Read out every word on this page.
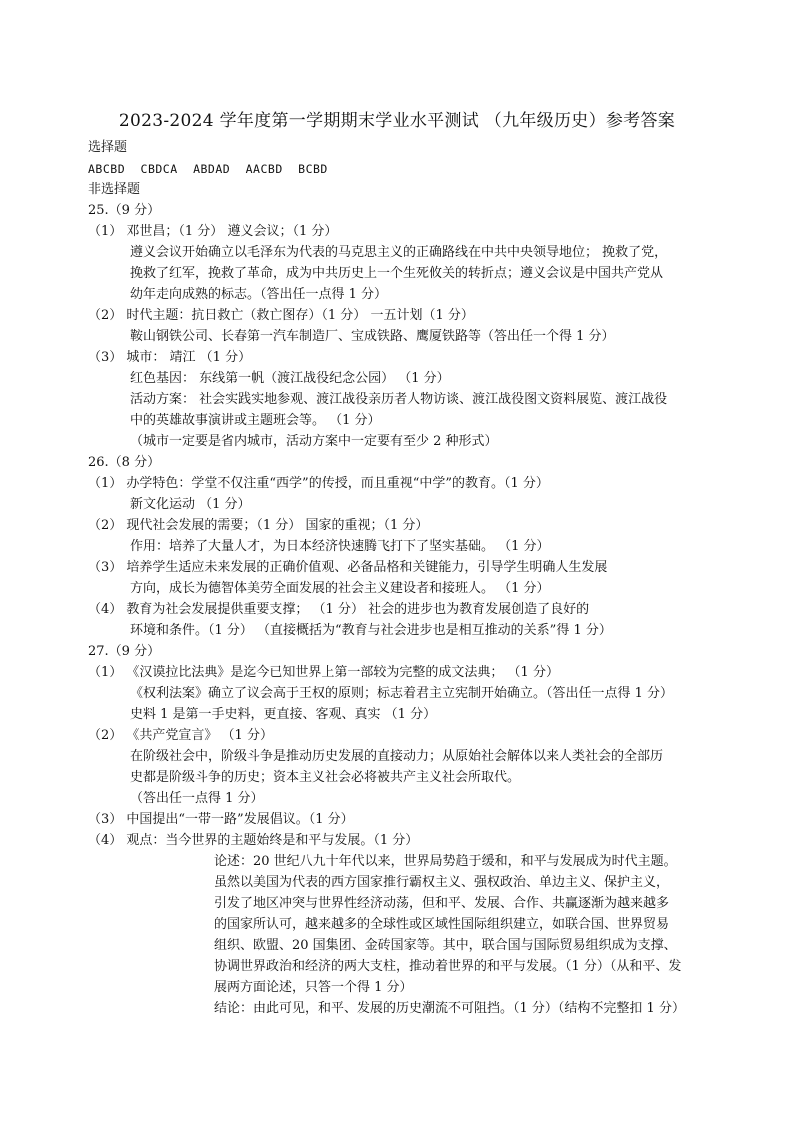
2023-2024 学年度第一学期期末学业水平测试 （九年级历史）参考答案
选择题
ABCBD CBDCA ABDAD AACBD BCBD
非选择题
25.（9 分）
（1） 邓世昌；（1 分） 遵义会议；（1 分）
遵义会议开始确立以毛泽东为代表的马克思主义的正确路线在中共中央领导地位； 挽救了党，
挽救了红军，挽救了革命，成为中共历史上一个生死攸关的转折点；遵义会议是中国共产党从
幼年走向成熟的标志。（答出任一点得 1 分）
（2） 时代主题：抗日救亡（救亡图存）（1 分） 一五计划（1 分）
鞍山钢铁公司、长春第一汽车制造厂、宝成铁路、鹰厦铁路等（答出任一个得 1 分）
（3） 城市： 靖江 （1 分）
红色基因： 东线第一帆（渡江战役纪念公园） （1 分）
活动方案： 社会实践实地参观、渡江战役亲历者人物访谈、渡江战役图文资料展览、渡江战役
中的英雄故事演讲或主题班会等。 （1 分）
（城市一定要是省内城市，活动方案中一定要有至少 2 种形式）
26.（8 分）
（1） 办学特色：学堂不仅注重“西学”的传授，而且重视“中学”的教育。（1 分）
新文化运动 （1 分）
（2） 现代社会发展的需要；（1 分） 国家的重视；（1 分）
作用：培养了大量人才，为日本经济快速腾飞打下了坚实基础。 （1 分）
（3） 培养学生适应未来发展的正确价值观、必备品格和关键能力，引导学生明确人生发展
方向，成长为德智体美劳全面发展的社会主义建设者和接班人。 （1 分）
（4） 教育为社会发展提供重要支撑； （1 分） 社会的进步也为教育发展创造了良好的
环境和条件。（1 分） （直接概括为“教育与社会进步也是相互推动的关系”得 1 分）
27.（9 分）
（1） 《汉谟拉比法典》是迄今已知世界上第一部较为完整的成文法典； （1 分）
《权利法案》确立了议会高于王权的原则；标志着君主立宪制开始确立。（答出任一点得 1 分）
史料 1 是第一手史料，更直接、客观、真实 （1 分）
（2） 《共产党宣言》 （1 分）
在阶级社会中，阶级斗争是推动历史发展的直接动力；从原始社会解体以来人类社会的全部历
史都是阶级斗争的历史；资本主义社会必将被共产主义社会所取代。
（答出任一点得 1 分）
（3） 中国提出“一带一路”发展倡议。（1 分）
（4） 观点：当今世界的主题始终是和平与发展。（1 分）
论述：20 世纪八九十年代以来，世界局势趋于缓和，和平与发展成为时代主题。
虽然以美国为代表的西方国家推行霸权主义、强权政治、单边主义、保护主义，
引发了地区冲突与世界性经济动荡，但和平、发展、合作、共赢逐渐为越来越多
的国家所认可，越来越多的全球性或区域性国际组织建立，如联合国、世界贸易
组织、欧盟、20 国集团、金砖国家等。其中，联合国与国际贸易组织成为支撑、
协调世界政治和经济的两大支柱，推动着世界的和平与发展。（1 分）（从和平、发
展两方面论述，只答一个得 1 分）
结论：由此可见，和平、发展的历史潮流不可阻挡。（1 分）（结构不完整扣 1 分）
